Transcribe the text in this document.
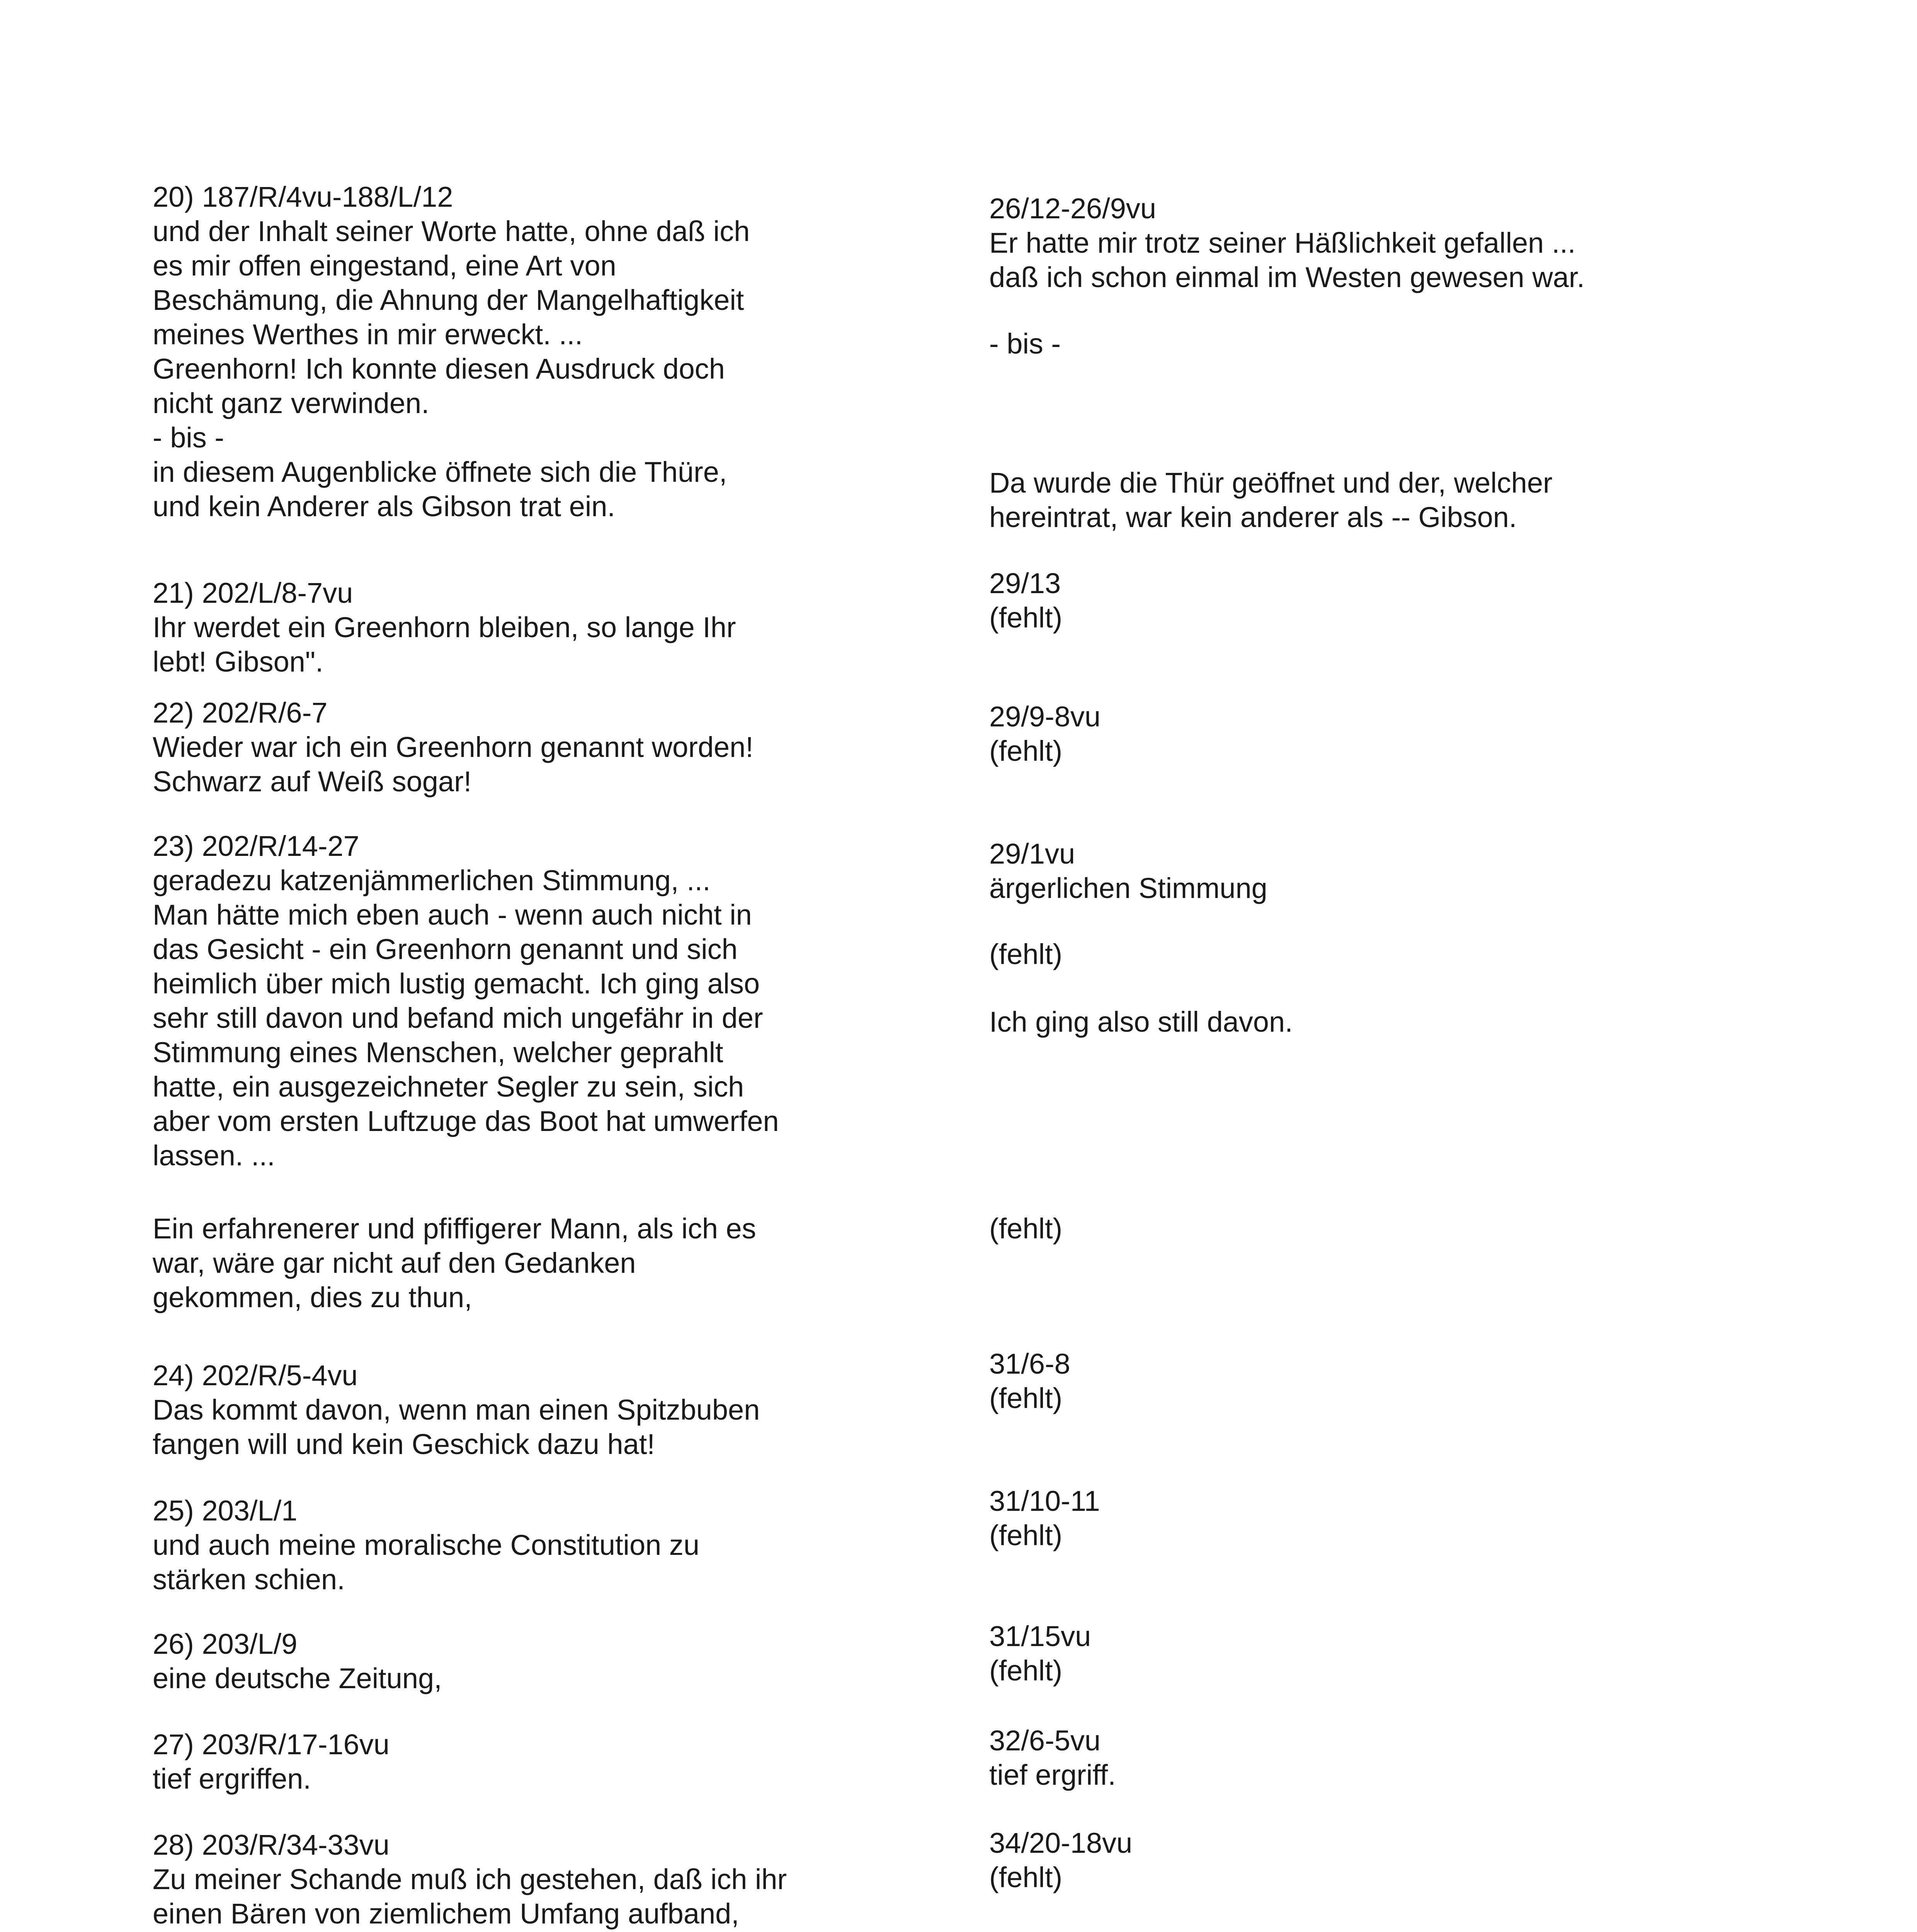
20) 187/R/4vu-188/L/12
und der Inhalt seiner Worte hatte, ohne daß ich
es mir offen eingestand, eine Art von
Beschämung, die Ahnung der Mangelhaftigkeit
meines Werthes in mir erweckt. ...
Greenhorn! Ich konnte diesen Ausdruck doch
nicht ganz verwinden.
- bis -
in diesem Augenblicke öffnete sich die Thüre,
und kein Anderer als Gibson trat ein.

21) 202/L/8-7vu
Ihr werdet ein Greenhorn bleiben, so lange Ihr
lebt! Gibson".

22) 202/R/6-7
Wieder war ich ein Greenhorn genannt worden!
Schwarz auf Weiß sogar!

23) 202/R/14-27
geradezu katzenjämmerlichen Stimmung, ...
Man hätte mich eben auch - wenn auch nicht in
das Gesicht - ein Greenhorn genannt und sich
heimlich über mich lustig gemacht. Ich ging also
sehr still davon und befand mich ungefähr in der
Stimmung eines Menschen, welcher geprahlt
hatte, ein ausgezeichneter Segler zu sein, sich
aber vom ersten Luftzuge das Boot hat umwerfen
lassen. ...

Ein erfahrenerer und pfiffigerer Mann, als ich es
war, wäre gar nicht auf den Gedanken
gekommen, dies zu thun,

24) 202/R/5-4vu
Das kommt davon, wenn man einen Spitzbuben
fangen will und kein Geschick dazu hat!

25) 203/L/1
und auch meine moralische Constitution zu
stärken schien.

26) 203/L/9
eine deutsche Zeitung,

27) 203/R/17-16vu
tief ergriffen.

28) 203/R/34-33vu
Zu meiner Schande muß ich gestehen, daß ich ihr
einen Bären von ziemlichem Umfang aufband,

26/12-26/9vu
Er hatte mir trotz seiner Häßlichkeit gefallen ...
daß ich schon einmal im Westen gewesen war.

- bis -

Da wurde die Thür geöffnet und der, welcher
hereintrat, war kein anderer als -- Gibson.

29/13
(fehlt)

29/9-8vu
(fehlt)

29/1vu
ärgerlichen Stimmung

(fehlt)

Ich ging also still davon.

(fehlt)

31/6-8
(fehlt)

31/10-11
(fehlt)

31/15vu
(fehlt)

32/6-5vu
tief ergriff.

34/20-18vu
(fehlt)
